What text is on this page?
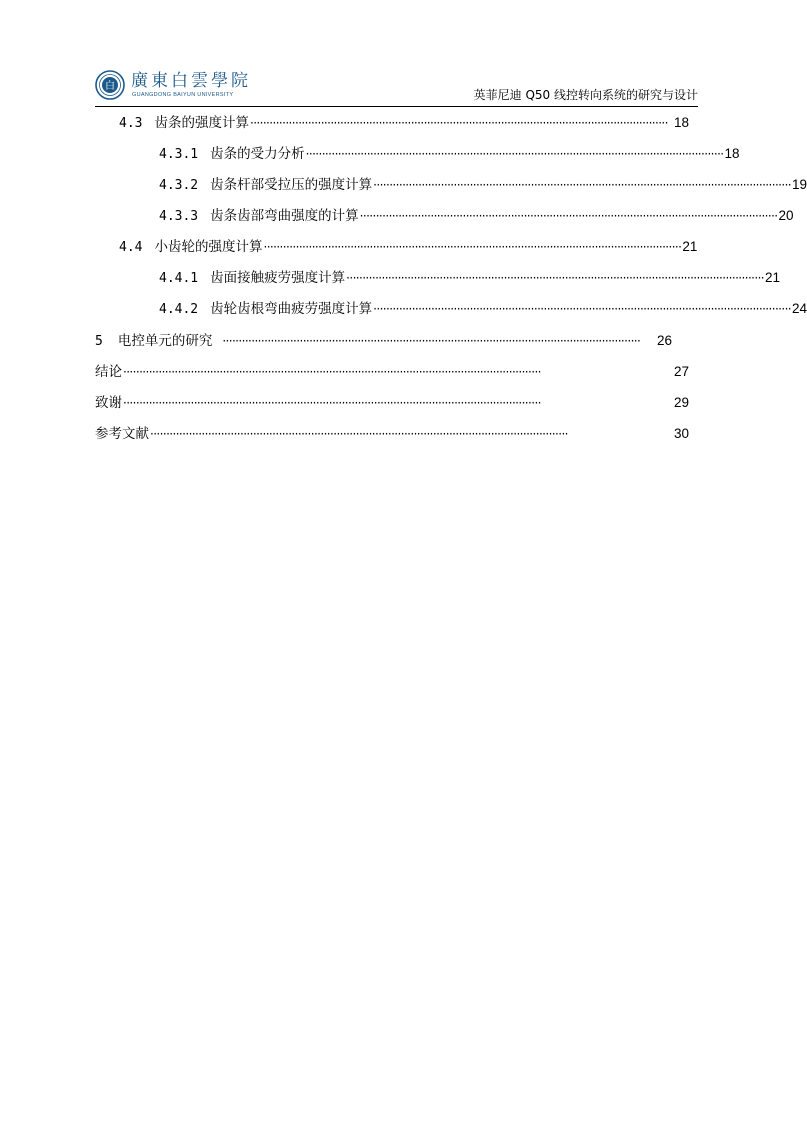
白 廣東白雲學院
GUANGDONG BAIYUN UNIVERSITY	英菲尼迪 Q50 线控转向系统的研究与设计
4.3 齿条的强度计算 ·································································································································· 18
4.3.1 齿条的受力分析 ·································································································································· 18
4.3.2 齿条杆部受拉压的强度计算 ·································································································································· 19
4.3.3 齿条齿部弯曲强度的计算 ·································································································································· 20
4.4 小齿轮的强度计算 ·································································································································· 21
4.4.1 齿面接触疲劳强度计算 ·································································································································· 21
4.4.2 齿轮齿根弯曲疲劳强度计算 ·································································································································· 24
5 电控单元的研究 ··································································································································	26
结论 ··································································································································	27
致谢 ··································································································································	29
参考文献 ··································································································································	30
